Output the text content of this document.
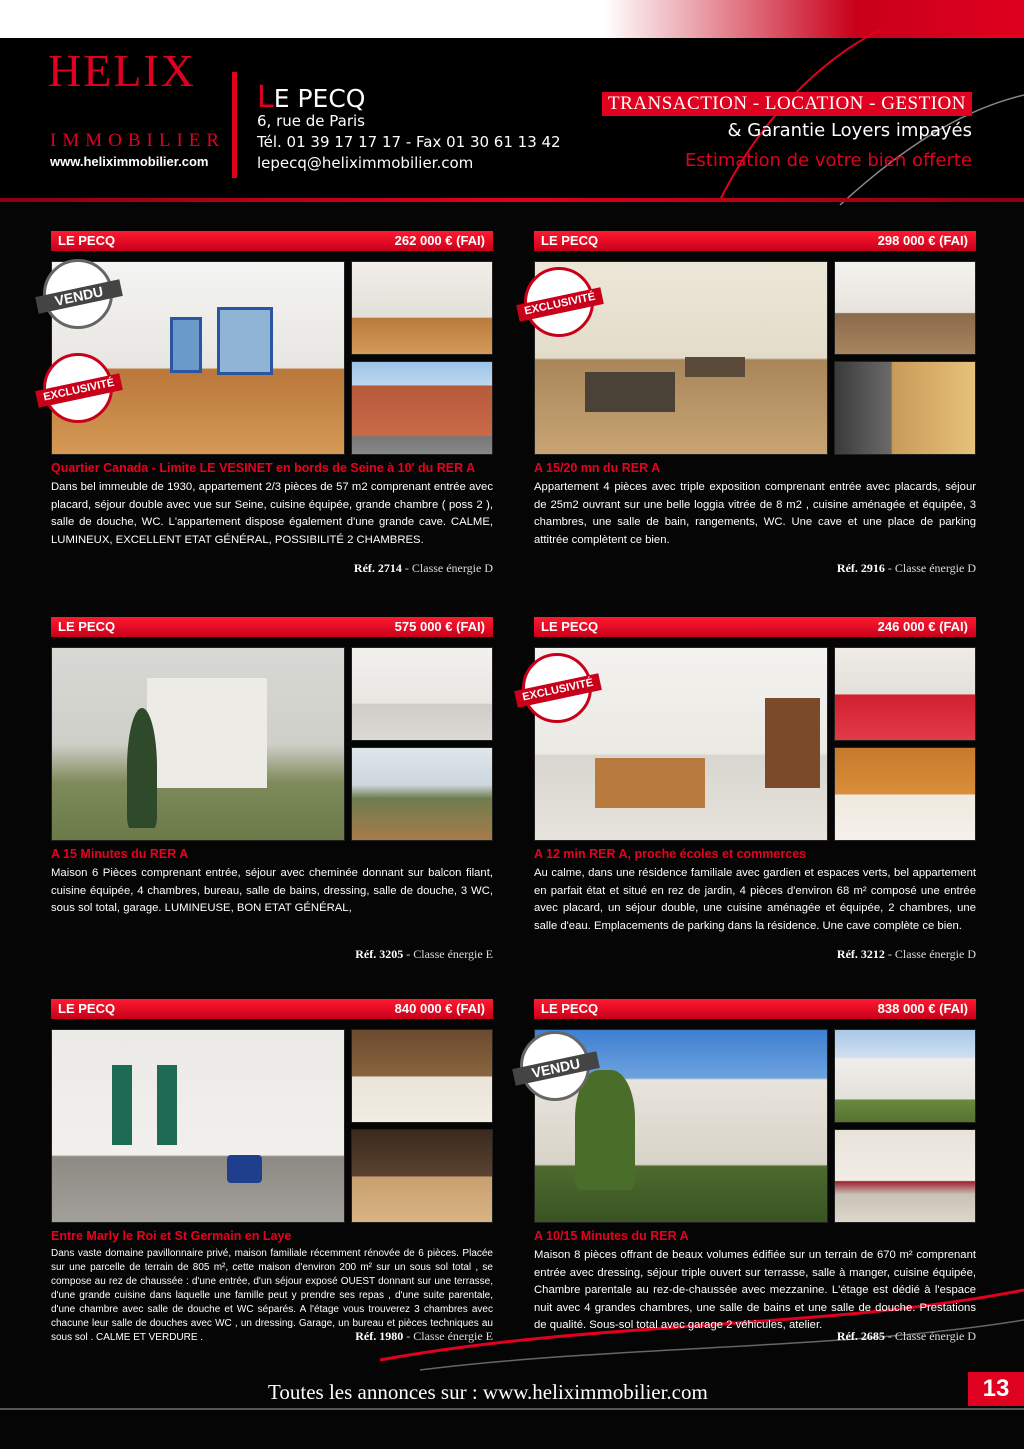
HELIX
IMMOBILIER
www.heliximmobilier.com
LE PECQ
6, rue de Paris
Tél. 01 39 17 17 17 - Fax 01 30 61 13 42
lepecq@heliximmobilier.com
TRANSACTION - LOCATION - GESTION
& Garantie Loyers impayés
Estimation de votre bien offerte
LE PECQ	262 000 € (FAI)
VENDU
EXCLUSIVITÉ
Quartier Canada - Limite LE VESINET en bords de Seine à 10' du RER A
Dans bel immeuble de 1930, appartement 2/3 pièces de 57 m2 comprenant entrée avec placard, séjour double avec vue sur Seine, cuisine équipée, grande chambre ( poss 2 ), salle de douche, WC. L'appartement dispose également d'une grande cave. CALME, LUMINEUX, EXCELLENT ETAT GÉNÉRAL, POSSIBILITÉ 2 CHAMBRES.
Réf. 2714 - Classe énergie D
LE PECQ	298 000 € (FAI)
EXCLUSIVITÉ
A 15/20 mn du RER A
Appartement 4 pièces avec triple exposition comprenant entrée avec placards, séjour de 25m2 ouvrant sur une belle loggia vitrée de 8 m2 , cuisine aménagée et équipée, 3 chambres, une salle de bain, rangements, WC. Une cave et une place de parking attitrée complètent ce bien.
Réf. 2916 - Classe énergie D
LE PECQ	575 000 € (FAI)
A 15 Minutes du RER A
Maison 6 Pièces comprenant entrée, séjour avec cheminée donnant sur balcon filant, cuisine équipée, 4 chambres, bureau, salle de bains, dressing, salle de douche, 3 WC, sous sol total, garage. LUMINEUSE, BON ETAT GÉNÉRAL,
Réf. 3205 - Classe énergie E
LE PECQ	246 000 € (FAI)
EXCLUSIVITÉ
A 12 min RER A, proche écoles et commerces
Au calme, dans une résidence familiale avec gardien et espaces verts, bel appartement en parfait état et situé en rez de jardin, 4 pièces d'environ 68 m² composé une entrée avec placard, un séjour double, une cuisine aménagée et équipée, 2 chambres, une salle d'eau. Emplacements de parking dans la résidence. Une cave complète ce bien.
Réf. 3212 - Classe énergie D
LE PECQ	840 000 € (FAI)
Entre Marly le Roi et St Germain en Laye
Dans vaste domaine pavillonnaire privé, maison familiale récemment rénovée de 6 pièces. Placée sur une parcelle de terrain de 805 m², cette maison d'environ 200 m² sur un sous sol total , se compose au rez de chaussée : d'une entrée, d'un séjour exposé OUEST donnant sur une terrasse, d'une grande cuisine dans laquelle une famille peut y prendre ses repas , d'une suite parentale, d'une chambre avec salle de douche et WC séparés. A l'étage vous trouverez 3 chambres avec chacune leur salle de douches avec WC , un dressing. Garage, un bureau et pièces techniques au sous sol . CALME ET VERDURE .	Réf. 1980 - Classe énergie E
LE PECQ	838 000 € (FAI)
VENDU
A 10/15 Minutes du RER A
Maison 8 pièces offrant de beaux volumes édifiée sur un terrain de 670 m² comprenant entrée avec dressing, séjour triple ouvert sur terrasse, salle à manger, cuisine équipée, Chambre parentale au rez-de-chaussée avec mezzanine. L'étage est dédié à l'espace nuit avec 4 grandes chambres, une salle de bains et une salle de douche. Prestations de qualité. Sous-sol total avec garage 2 véhicules, atelier.
Réf. 2685 - Classe énergie D
Toutes les annonces sur : www.heliximmobilier.com	13
